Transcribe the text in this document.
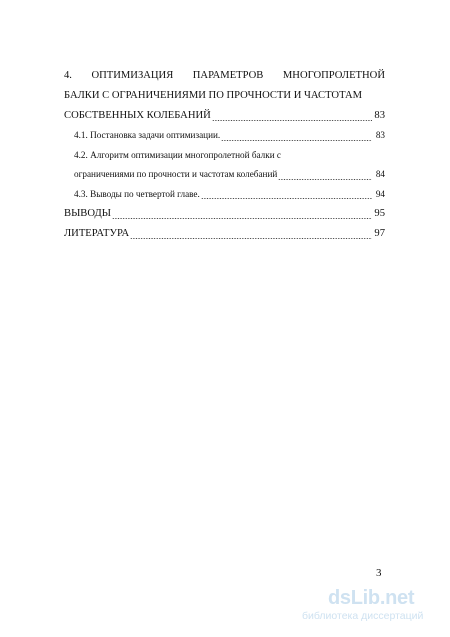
4. ОПТИМИЗАЦИЯ ПАРАМЕТРОВ МНОГОПРОЛЕТНОЙ
БАЛКИ С ОГРАНИЧЕНИЯМИ ПО ПРОЧНОСТИ И ЧАСТОТАМ
СОБСТВЕННЫХ КОЛЕБАНИЙ	83
4.1. Постановка задачи оптимизации.	83
4.2. Алгоритм оптимизации многопролетной балки с
ограничениями по прочности и частотам колебаний	84
4.3. Выводы по четвертой главе.	94
ВЫВОДЫ	95
ЛИТЕРАТУРА	97
3
dsLib.net
библиотека диссертаций
